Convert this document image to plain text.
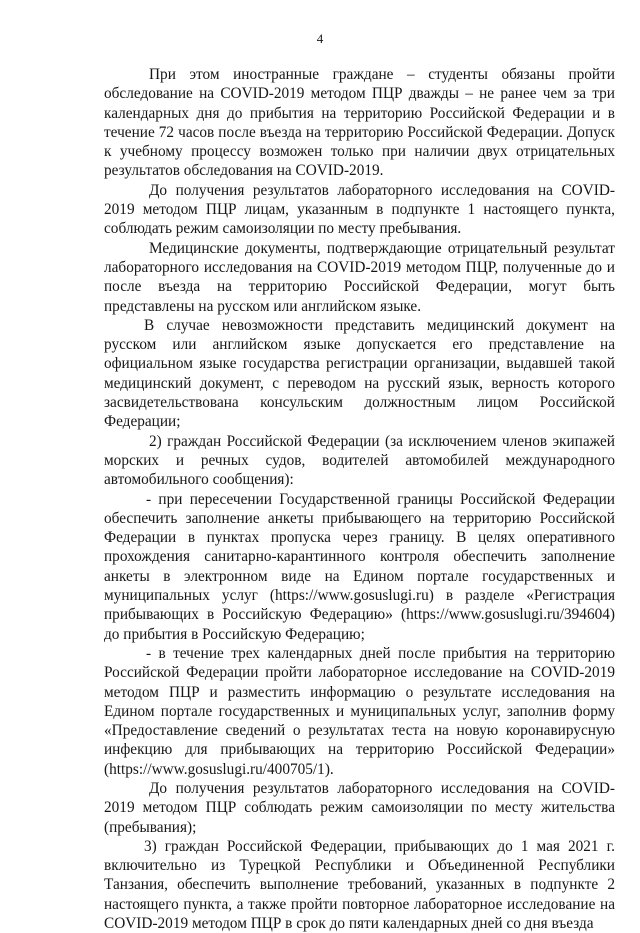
4

При этом иностранные граждане – студенты обязаны пройти обследование на COVID-2019 методом ПЦР дважды – не ранее чем за три календарных дня до прибытия на территорию Российской Федерации и в течение 72 часов после въезда на территорию Российской Федерации. Допуск к учебному процессу возможен только при наличии двух отрицательных результатов обследования на COVID-2019.

До получения результатов лабораторного исследования на COVID-2019 методом ПЦР лицам, указанным в подпункте 1 настоящего пункта, соблюдать режим самоизоляции по месту пребывания.

Медицинские документы, подтверждающие отрицательный результат лабораторного исследования на COVID-2019 методом ПЦР, полученные до и после въезда на территорию Российской Федерации, могут быть представлены на русском или английском языке.

В случае невозможности представить медицинский документ на русском или английском языке допускается его представление на официальном языке государства регистрации организации, выдавшей такой медицинский документ, с переводом на русский язык, верность которого засвидетельствована консульским должностным лицом Российской Федерации;

2) граждан Российской Федерации (за исключением членов экипажей морских и речных судов, водителей автомобилей международного автомобильного сообщения):

- при пересечении Государственной границы Российской Федерации обеспечить заполнение анкеты прибывающего на территорию Российской Федерации в пунктах пропуска через границу. В целях оперативного прохождения санитарно-карантинного контроля обеспечить заполнение анкеты в электронном виде на Едином портале государственных и муниципальных услуг (https://www.gosuslugi.ru) в разделе «Регистрация прибывающих в Российскую Федерацию» (https://www.gosuslugi.ru/394604) до прибытия в Российскую Федерацию;

- в течение трех календарных дней после прибытия на территорию Российской Федерации пройти лабораторное исследование на COVID-2019 методом ПЦР и разместить информацию о результате исследования на Едином портале государственных и муниципальных услуг, заполнив форму «Предоставление сведений о результатах теста на новую коронавирусную инфекцию для прибывающих на территорию Российской Федерации» (https://www.gosuslugi.ru/400705/1).

До получения результатов лабораторного исследования на COVID-2019 методом ПЦР соблюдать режим самоизоляции по месту жительства (пребывания);

3) граждан Российской Федерации, прибывающих до 1 мая 2021 г. включительно из Турецкой Республики и Объединенной Республики Танзания, обеспечить выполнение требований, указанных в подпункте 2 настоящего пункта, а также пройти повторное лабораторное исследование на COVID-2019 методом ПЦР в срок до пяти календарных дней со дня въезда
